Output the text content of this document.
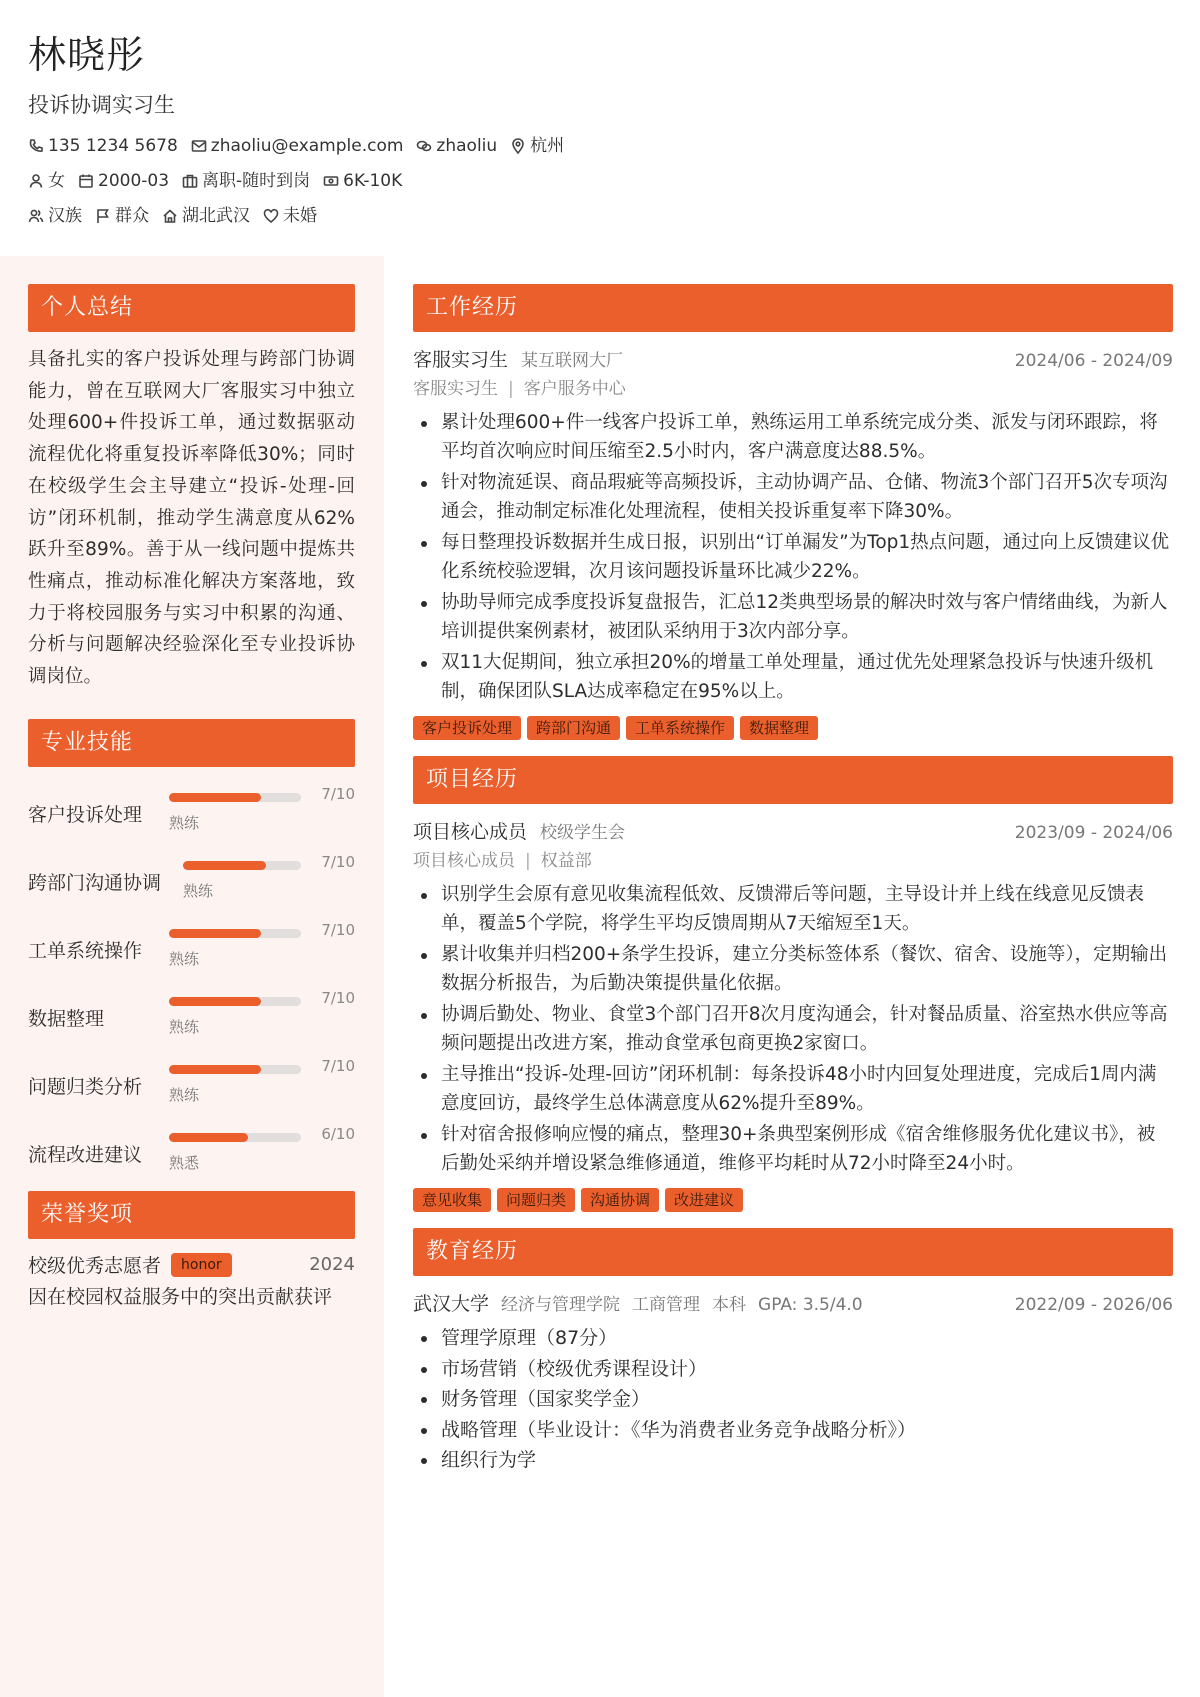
林晓彤
投诉协调实习生
135 1234 5678 zhaoliu@example.com zhaoliu 杭州
女 2000-03 离职-随时到岗 6K-10K
汉族 群众 湖北武汉 未婚
个人总结
具备扎实的客户投诉处理与跨部门协调能力，曾在互联网大厂客服实习中独立处理600+件投诉工单，通过数据驱动流程优化将重复投诉率降低30%；同时在校级学生会主导建立“投诉-处理-回访”闭环机制，推动学生满意度从62%跃升至89%。善于从一线问题中提炼共性痛点，推动标准化解决方案落地，致力于将校园服务与实习中积累的沟通、分析与问题解决经验深化至专业投诉协调岗位。
专业技能
客户投诉处理
7/10
熟练
跨部门沟通协调
7/10
熟练
工单系统操作
7/10
熟练
数据整理
7/10
熟练
问题归类分析
7/10
熟练
流程改进建议
6/10
熟悉
荣誉奖项
校级优秀志愿者	honor	2024
因在校园权益服务中的突出贡献获评
工作经历
客服实习生 某互联网大厂	2024/06 - 2024/09
客服实习生 | 客户服务中心
累计处理600+件一线客户投诉工单，熟练运用工单系统完成分类、派发与闭环跟踪，将平均首次响应时间压缩至2.5小时内，客户满意度达88.5%。
针对物流延误、商品瑕疵等高频投诉，主动协调产品、仓储、物流3个部门召开5次专项沟通会，推动制定标准化处理流程，使相关投诉重复率下降30%。
每日整理投诉数据并生成日报，识别出“订单漏发”为Top1热点问题，通过向上反馈建议优化系统校验逻辑，次月该问题投诉量环比减少22%。
协助导师完成季度投诉复盘报告，汇总12类典型场景的解决时效与客户情绪曲线，为新人培训提供案例素材，被团队采纳用于3次内部分享。
双11大促期间，独立承担20%的增量工单处理量，通过优先处理紧急投诉与快速升级机制，确保团队SLA达成率稳定在95%以上。
客户投诉处理	跨部门沟通	工单系统操作	数据整理
项目经历
项目核心成员 校级学生会	2023/09 - 2024/06
项目核心成员 | 权益部
识别学生会原有意见收集流程低效、反馈滞后等问题，主导设计并上线在线意见反馈表单，覆盖5个学院，将学生平均反馈周期从7天缩短至1天。
累计收集并归档200+条学生投诉，建立分类标签体系（餐饮、宿舍、设施等），定期输出数据分析报告，为后勤决策提供量化依据。
协调后勤处、物业、食堂3个部门召开8次月度沟通会，针对餐品质量、浴室热水供应等高频问题提出改进方案，推动食堂承包商更换2家窗口。
主导推出“投诉-处理-回访”闭环机制：每条投诉48小时内回复处理进度，完成后1周内满意度回访，最终学生总体满意度从62%提升至89%。
针对宿舍报修响应慢的痛点，整理30+条典型案例形成《宿舍维修服务优化建议书》，被后勤处采纳并增设紧急维修通道，维修平均耗时从72小时降至24小时。
意见收集	问题归类	沟通协调	改进建议
教育经历
武汉大学 经济与管理学院 工商管理 本科 GPA: 3.5/4.0	2022/09 - 2026/06
管理学原理（87分）
市场营销（校级优秀课程设计）
财务管理（国家奖学金）
战略管理（毕业设计：《华为消费者业务竞争战略分析》）
组织行为学
